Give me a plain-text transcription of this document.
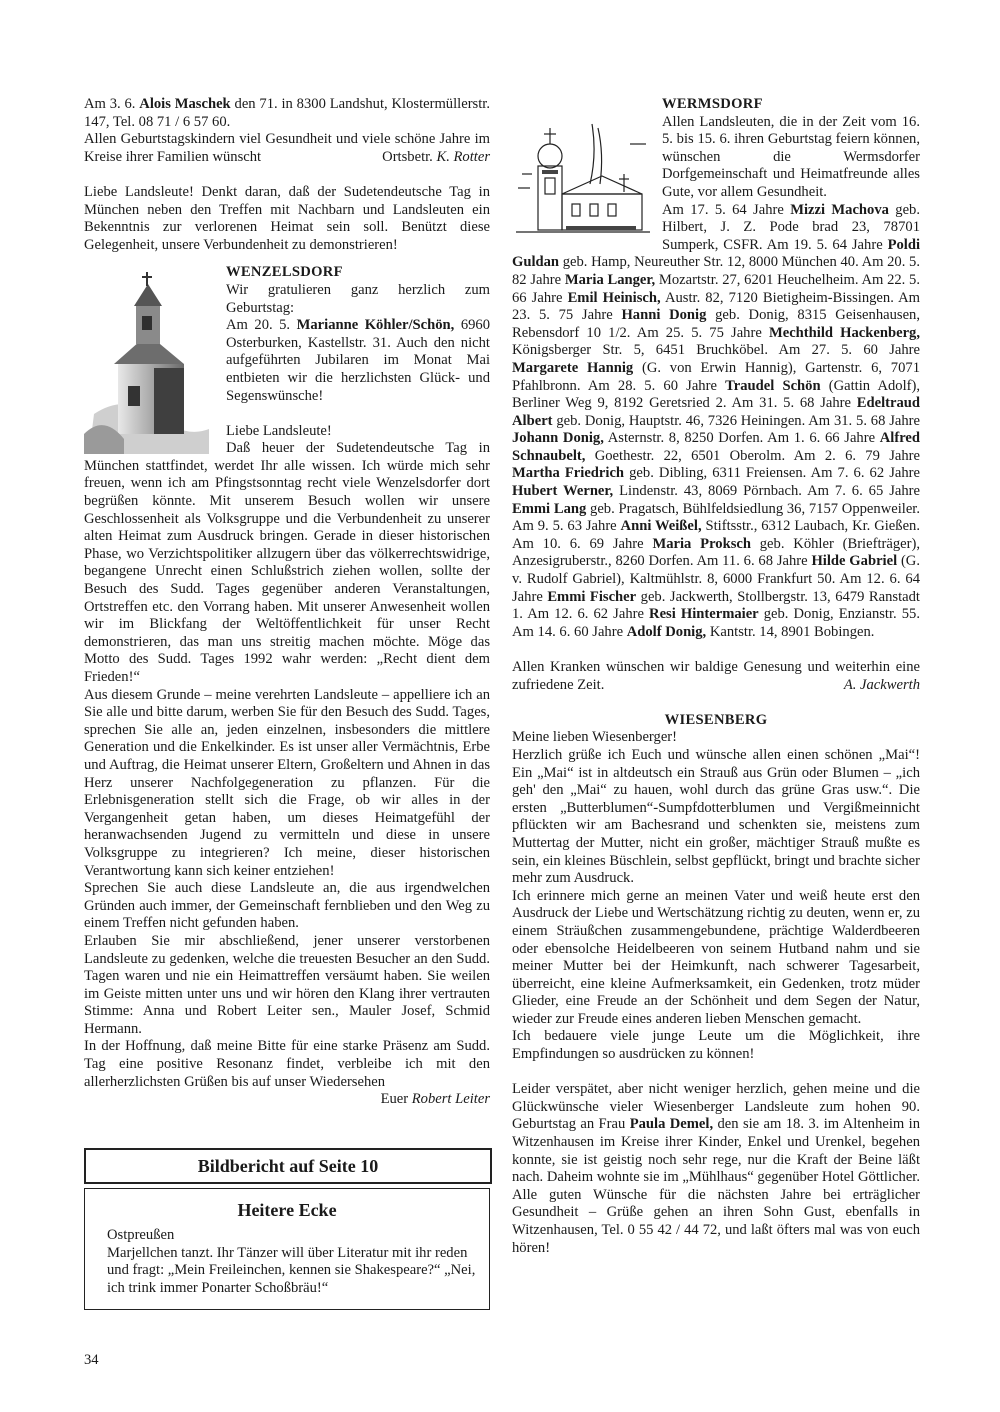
Am 3. 6. Alois Maschek den 71. in 8300 Landshut, Klostermüllerstr. 147, Tel. 08 71 / 6 57 60.

Allen Geburtstagskindern viel Gesundheit und viele schöne Jahre im Kreise ihrer Familien wünscht	Ortsbetr. K. Rotter

Liebe Landsleute! Denkt daran, daß der Sudetendeutsche Tag in München neben den Treffen mit Nachbarn und Landsleuten ein Bekenntnis zur verlorenen Heimat sein soll. Benützt diese Gelegenheit, unsere Verbundenheit zu demonstrieren!

WENZELSDORF

Wir gratulieren ganz herzlich zum Geburtstag:

Am 20. 5. Marianne Köhler/Schön, 6960 Osterburken, Kastellstr. 31. Auch den nicht aufgeführten Jubilaren im Monat Mai entbieten wir die herzlichsten Glück- und Segenswünsche!

Liebe Landsleute!

Daß heuer der Sudetendeutsche Tag in München stattfindet, werdet Ihr alle wissen. Ich würde mich sehr freuen, wenn ich am Pfingstsonntag recht viele Wenzelsdorfer dort begrüßen könnte. Mit unserem Besuch wollen wir unsere Geschlossenheit als Volksgruppe und die Verbundenheit zu unserer alten Heimat zum Ausdruck bringen. Gerade in dieser historischen Phase, wo Verzichtspolitiker allzugern über das völkerrechtswidrige, begangene Unrecht einen Schlußstrich ziehen wollen, sollte der Besuch des Sudd. Tages gegenüber anderen Veranstaltungen, Ortstreffen etc. den Vorrang haben. Mit unserer Anwesenheit wollen wir im Blickfang der Weltöffentlichkeit für unser Recht demonstrieren, das man uns streitig machen möchte. Möge das Motto des Sudd. Tages 1992 wahr werden: „Recht dient dem Frieden!“

Aus diesem Grunde – meine verehrten Landsleute – appelliere ich an Sie alle und bitte darum, werben Sie für den Besuch des Sudd. Tages, sprechen Sie alle an, jeden einzelnen, insbesonders die mittlere Generation und die Enkelkinder. Es ist unser aller Vermächtnis, Erbe und Auftrag, die Heimat unserer Eltern, Großeltern und Ahnen in das Herz unserer Nachfolgegeneration zu pflanzen. Für die Erlebnisgeneration stellt sich die Frage, ob wir alles in der Vergangenheit getan haben, um dieses Heimatgefühl der heranwachsenden Jugend zu vermitteln und diese in unsere Volksgruppe zu integrieren? Ich meine, dieser historischen Verantwortung kann sich keiner entziehen!

Sprechen Sie auch diese Landsleute an, die aus irgendwelchen Gründen auch immer, der Gemeinschaft fernblieben und den Weg zu einem Treffen nicht gefunden haben.

Erlauben Sie mir abschließend, jener unserer verstorbenen Landsleute zu gedenken, welche die treuesten Besucher an den Sudd. Tagen waren und nie ein Heimattreffen versäumt haben. Sie weilen im Geiste mitten unter uns und wir hören den Klang ihrer vertrauten Stimme: Anna und Robert Leiter sen., Mauler Josef, Schmid Hermann.

In der Hoffnung, daß meine Bitte für eine starke Präsenz am Sudd. Tag eine positive Resonanz findet, verbleibe ich mit den allerherzlichsten Grüßen bis auf unser Wiedersehen

Euer Robert Leiter

Bildbericht auf Seite 10
Heitere Ecke

Ostpreußen

Marjellchen tanzt. Ihr Tänzer will über Literatur mit ihr reden und fragt: „Mein Freileinchen, kennen sie Shakespeare?“ „Nei, ich trink immer Ponarter Schoßbräu!“

34

WERMSDORF

Allen Landsleuten, die in der Zeit vom 16. 5. bis 15. 6. ihren Geburtstag feiern können, wünschen die Wermsdorfer Dorfgemeinschaft und Heimatfreunde alles Gute, vor allem Gesundheit.

Am 17. 5. 64 Jahre Mizzi Machova geb. Hilbert, J. Z. Pode brad 23, 78701 Sumperk, CSFR. Am 19. 5. 64 Jahre Poldi Guldan geb. Hamp, Neureuther Str. 12, 8000 München 40. Am 20. 5. 82 Jahre Maria Langer, Mozartstr. 27, 6201 Heuchelheim. Am 22. 5. 66 Jahre Emil Heinisch, Austr. 82, 7120 Bietigheim-Bissingen. Am 23. 5. 75 Jahre Hanni Donig geb. Donig, 8315 Geisenhausen, Rebensdorf 10 1/2. Am 25. 5. 75 Jahre Mechthild Hackenberg, Königsberger Str. 5, 6451 Bruchköbel. Am 27. 5. 60 Jahre Margarete Hannig (G. von Erwin Hannig), Gartenstr. 6, 7071 Pfahlbronn. Am 28. 5. 60 Jahre Traudel Schön (Gattin Adolf), Berliner Weg 9, 8192 Geretsried 2. Am 31. 5. 68 Jahre Edeltraud Albert geb. Donig, Hauptstr. 46, 7326 Heiningen. Am 31. 5. 68 Jahre Johann Donig, Asternstr. 8, 8250 Dorfen. Am 1. 6. 66 Jahre Alfred Schnaubelt, Goethestr. 22, 6501 Oberolm. Am 2. 6. 79 Jahre Martha Friedrich geb. Dibling, 6311 Freiensen. Am 7. 6. 62 Jahre Hubert Werner, Lindenstr. 43, 8069 Pörnbach. Am 7. 6. 65 Jahre Emmi Lang geb. Pragatsch, Bühlfeldsiedlung 36, 7157 Oppenweiler. Am 9. 5. 63 Jahre Anni Weißel, Stiftsstr., 6312 Laubach, Kr. Gießen. Am 10. 6. 69 Jahre Maria Proksch geb. Köhler (Briefträger), Anzesigruberstr., 8260 Dorfen. Am 11. 6. 68 Jahre Hilde Gabriel (G. v. Rudolf Gabriel), Kaltmühlstr. 8, 6000 Frankfurt 50. Am 12. 6. 64 Jahre Emmi Fischer geb. Jackwerth, Stollbergstr. 13, 6479 Ranstadt 1. Am 12. 6. 62 Jahre Resi Hintermaier geb. Donig, Enzianstr. 55. Am 14. 6. 60 Jahre Adolf Donig, Kantstr. 14, 8901 Bobingen.

Allen Kranken wünschen wir baldige Genesung und weiterhin eine zufriedene Zeit.	A. Jackwerth

WIESENBERG

Meine lieben Wiesenberger!

Herzlich grüße ich Euch und wünsche allen einen schönen „Mai“! Ein „Mai“ ist in altdeutsch ein Strauß aus Grün oder Blumen – „ich geh' den „Mai“ zu hauen, wohl durch das grüne Gras usw.“. Die ersten „Butterblumen“-Sumpfdotterblumen und Vergißmeinnicht pflückten wir am Bachesrand und schenkten sie, meistens zum Muttertag der Mutter, nicht ein großer, mächtiger Strauß mußte es sein, ein kleines Büschlein, selbst gepflückt, bringt und brachte sicher mehr zum Ausdruck.

Ich erinnere mich gerne an meinen Vater und weiß heute erst den Ausdruck der Liebe und Wertschätzung richtig zu deuten, wenn er, zu einem Sträußchen zusammengebundene, prächtige Walderdbeeren oder ebensolche Heidelbeeren von seinem Hutband nahm und sie meiner Mutter bei der Heimkunft, nach schwerer Tagesarbeit, überreicht, eine kleine Aufmerksamkeit, ein Gedenken, trotz müder Glieder, eine Freude an der Schönheit und dem Segen der Natur, wieder zur Freude eines anderen lieben Menschen gemacht.

Ich bedauere viele junge Leute um die Möglichkeit, ihre Empfindungen so ausdrücken zu können!

Leider verspätet, aber nicht weniger herzlich, gehen meine und die Glückwünsche vieler Wiesenberger Landsleute zum hohen 90. Geburtstag an Frau Paula Demel, den sie am 18. 3. im Altenheim in Witzenhausen im Kreise ihrer Kinder, Enkel und Urenkel, begehen konnte, sie ist geistig noch sehr rege, nur die Kraft der Beine läßt nach. Daheim wohnte sie im „Mühlhaus“ gegenüber Hotel Göttlicher. Alle guten Wünsche für die nächsten Jahre bei erträglicher Gesundheit – Grüße gehen an ihren Sohn Gust, ebenfalls in Witzenhausen, Tel. 0 55 42 / 44 72, und laßt öfters mal was von euch hören!
